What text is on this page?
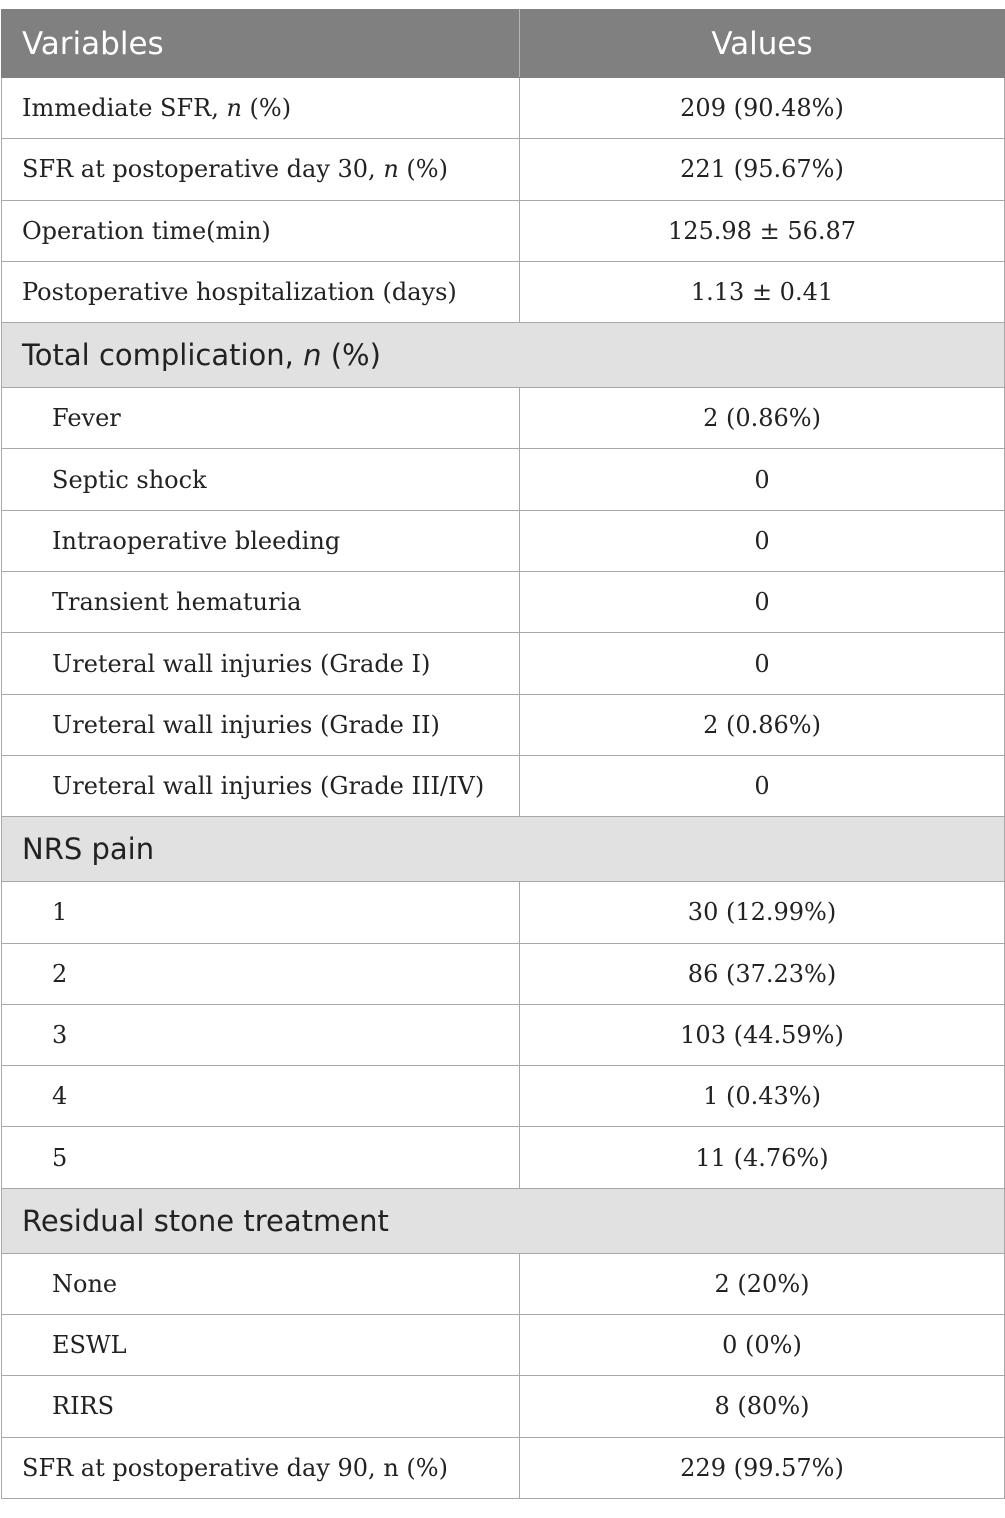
Variables	Values
Immediate SFR, n (%)	209 (90.48%)
SFR at postoperative day 30, n (%)	221 (95.67%)
Operation time(min)	125.98 ± 56.87
Postoperative hospitalization (days)	1.13 ± 0.41
Total complication, n (%)	
Fever	2 (0.86%)
Septic shock	0
Intraoperative bleeding	0
Transient hematuria	0
Ureteral wall injuries (Grade I)	0
Ureteral wall injuries (Grade II)	2 (0.86%)
Ureteral wall injuries (Grade III/IV)	0
NRS pain	
1	30 (12.99%)
2	86 (37.23%)
3	103 (44.59%)
4	1 (0.43%)
5	11 (4.76%)
Residual stone treatment	
None	2 (20%)
ESWL	0 (0%)
RIRS	8 (80%)
SFR at postoperative day 90, n (%)	229 (99.57%)
